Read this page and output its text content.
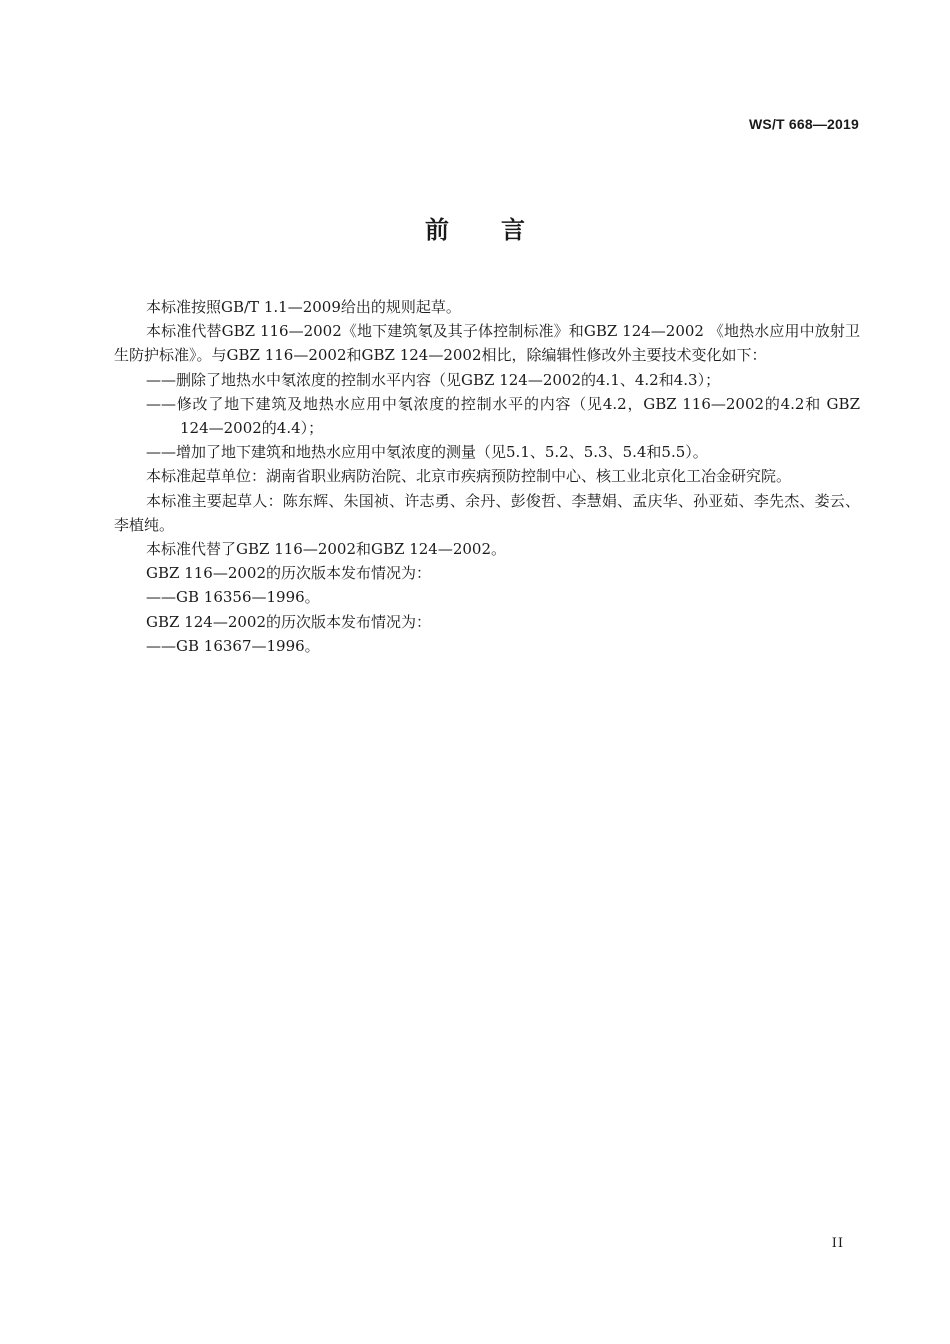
WS/T 668—2019
前言

本标准按照GB/T 1.1—2009给出的规则起草。

本标准代替GBZ 116—2002《地下建筑氡及其子体控制标准》和GBZ 124—2002 《地热水应用中放射卫生防护标准》。与GBZ 116—2002和GBZ 124—2002相比，除编辑性修改外主要技术变化如下：

——删除了地热水中氡浓度的控制水平内容（见GBZ 124—2002的4.1、4.2和4.3）；

——修改了地下建筑及地热水应用中氡浓度的控制水平的内容（见4.2，GBZ 116—2002的4.2和 GBZ 124—2002的4.4）；

——增加了地下建筑和地热水应用中氡浓度的测量（见5.1、5.2、5.3、5.4和5.5）。

本标准起草单位：湖南省职业病防治院、北京市疾病预防控制中心、核工业北京化工冶金研究院。

本标准主要起草人：陈东辉、朱国祯、许志勇、余丹、彭俊哲、李慧娟、孟庆华、孙亚茹、李先杰、娄云、李植纯。

本标准代替了GBZ 116—2002和GBZ 124—2002。

GBZ 116—2002的历次版本发布情况为：

——GB 16356—1996。

GBZ 124—2002的历次版本发布情况为：

——GB 16367—1996。

II
